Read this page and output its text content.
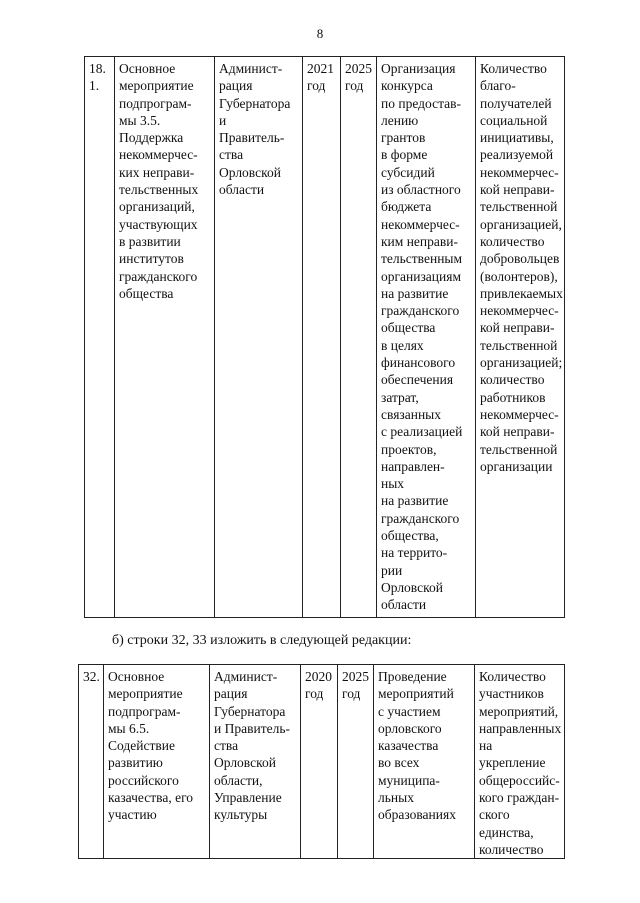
8
18.
1.	Основное
мероприятие
подпрограм-
мы 3.5.
Поддержка
некоммерчес-
ких неправи-
тельственных
организаций,
участвующих
в развитии
институтов
гражданского
общества	Админист-
рация
Губернатора
и
Правитель-
ства
Орловской
области	2021
год	2025
год	Организация
конкурса
по предостав-
лению
грантов
в форме
субсидий
из областного
бюджета
некоммерчес-
ким неправи-
тельственным
организациям
на развитие
гражданского
общества
в целях
финансового
обеспечения
затрат,
связанных
с реализацией
проектов,
направлен-
ных
на развитие
гражданского
общества,
на террито-
рии
Орловской
области	Количество
благо-
получателей
социальной
инициативы,
реализуемой
некоммерчес-
кой неправи-
тельственной
организацией,
количество
добровольцев
(волонтеров),
привлекаемых
некоммерчес-
кой неправи-
тельственной
организацией;
количество
работников
некоммерчес-
кой неправи-
тельственной
организации
б) строки 32, 33 изложить в следующей редакции:
32.	Основное
мероприятие
подпрограм-
мы 6.5.
Содействие
развитию
российского
казачества, его
участию	Админист-
рация
Губернатора
и Правитель-
ства
Орловской
области,
Управление
культуры	2020
год	2025
год	Проведение
мероприятий
с участием
орловского
казачества
во всех
муниципа-
льных
образованиях	Количество
участников
мероприятий,
направленных
на укрепление
общероссийс-
кого граждан-
ского единства,
количество
